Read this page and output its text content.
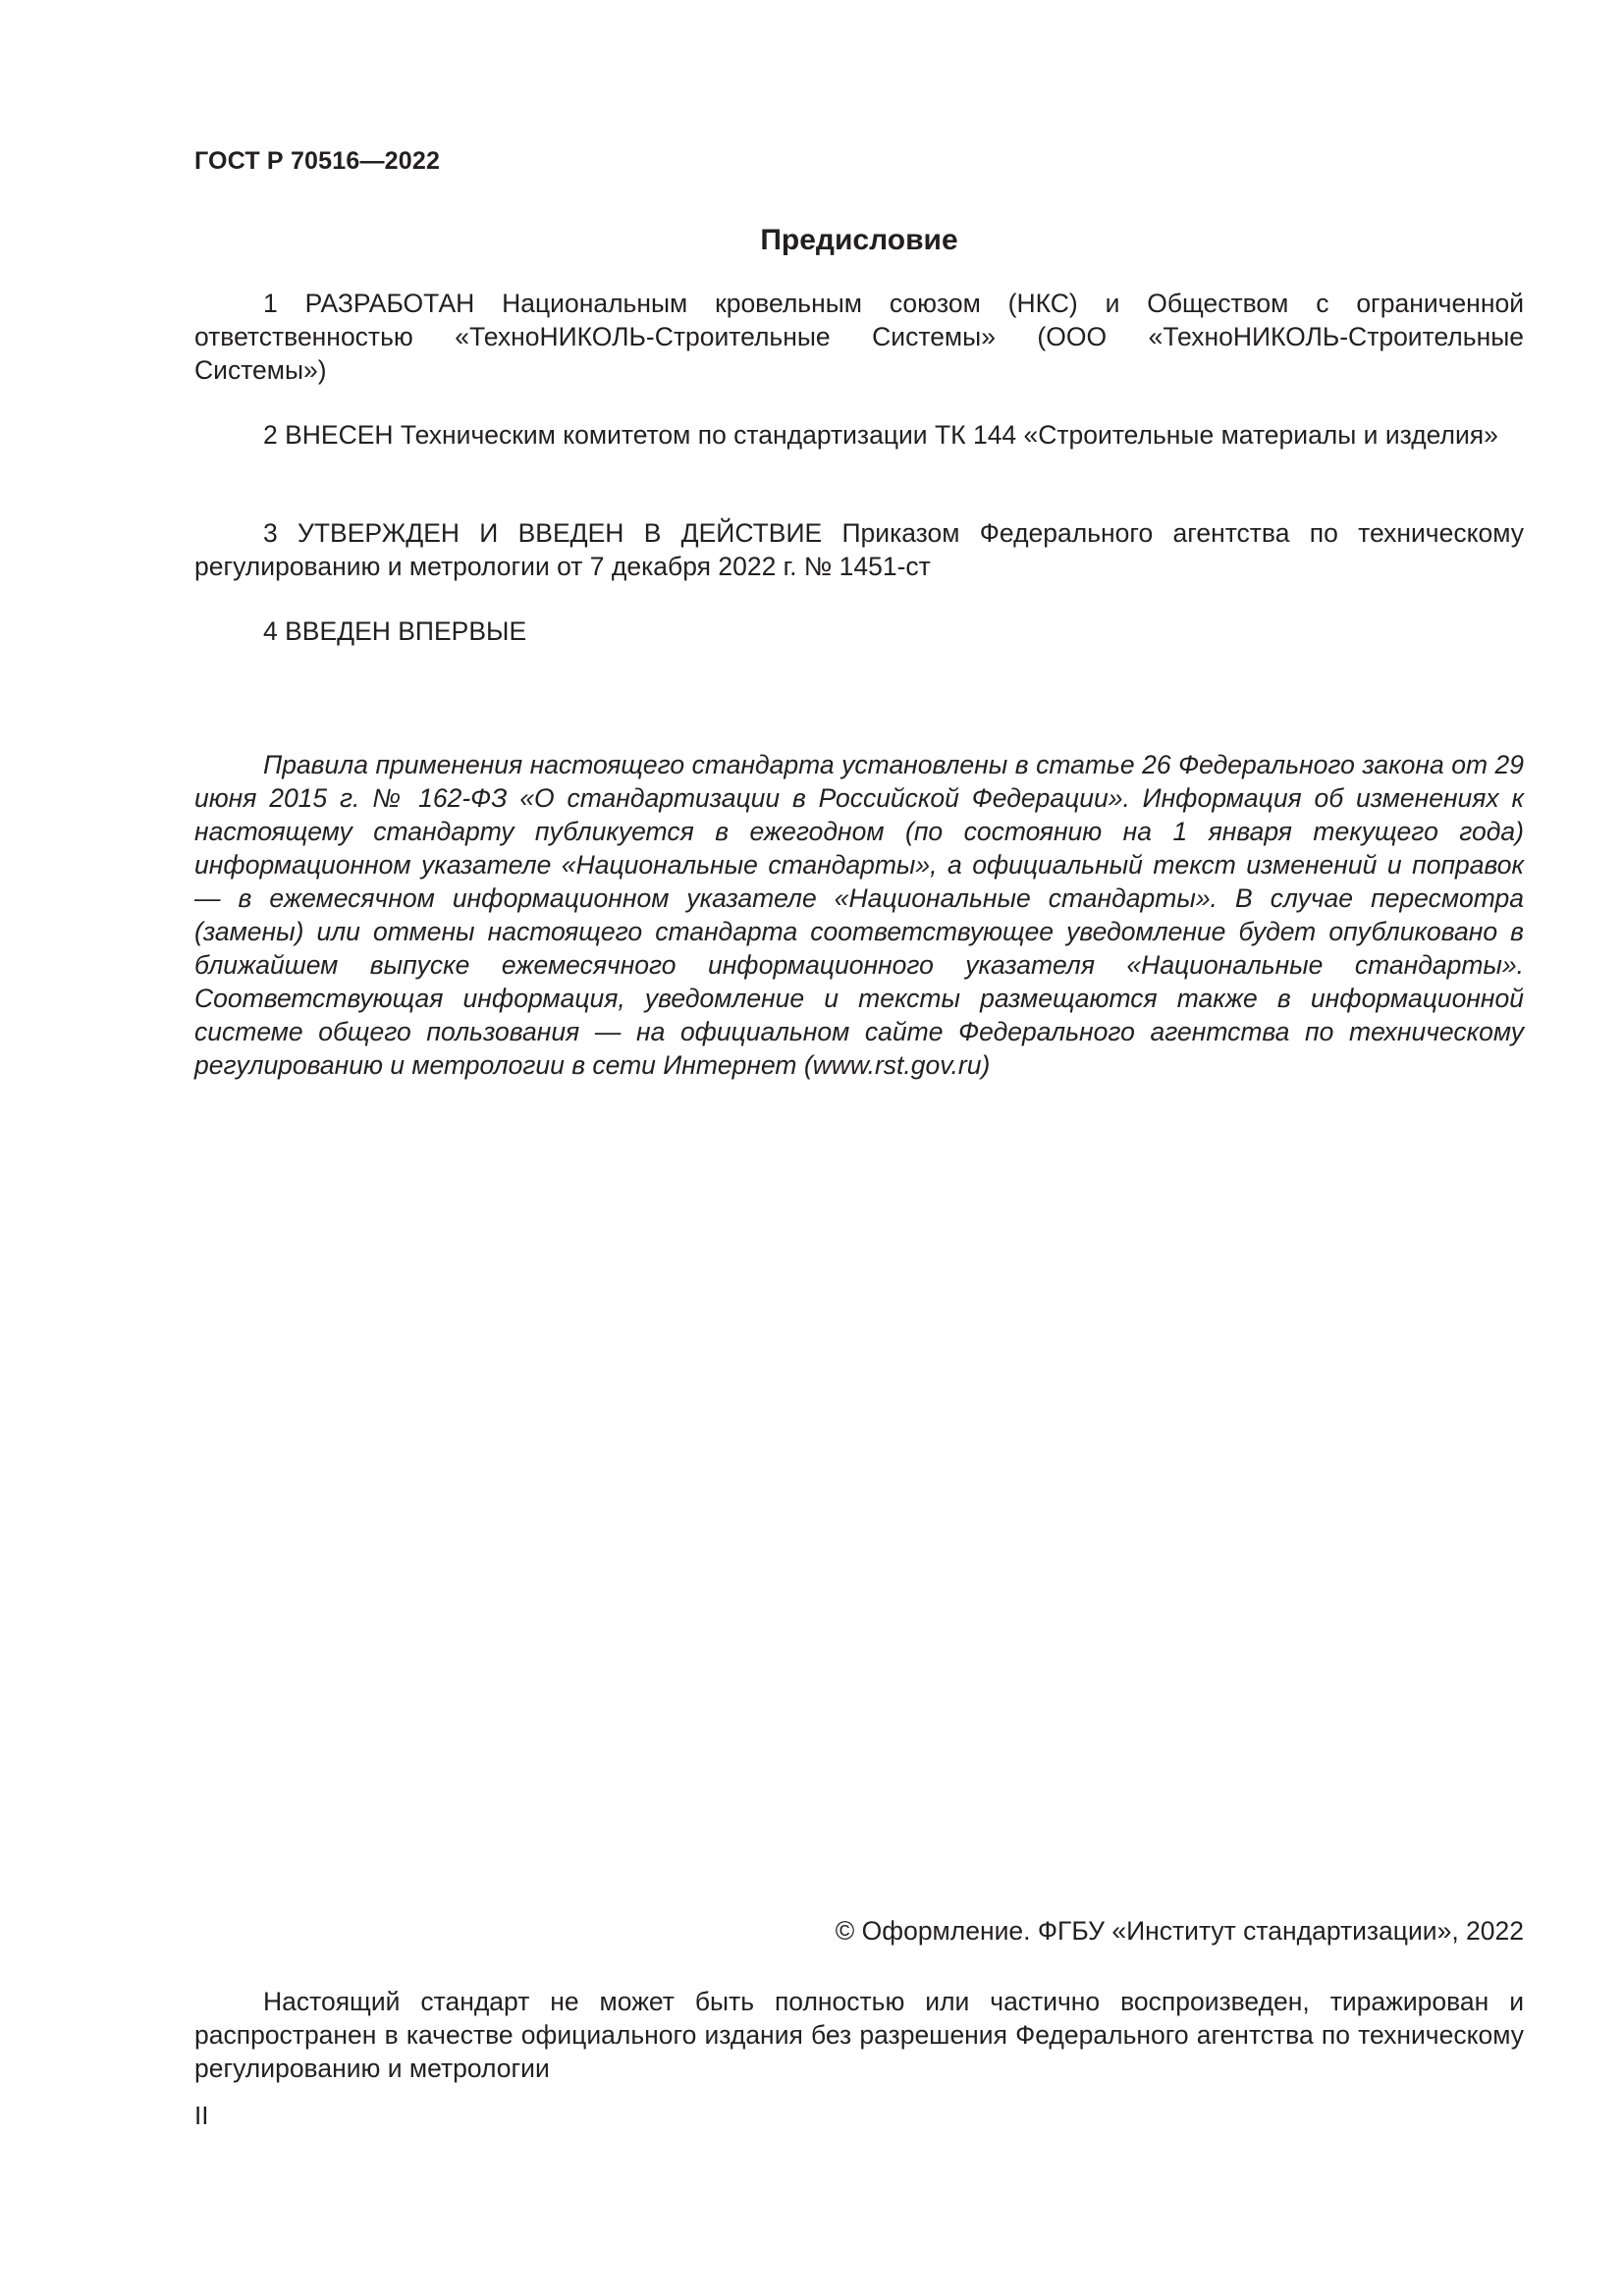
ГОСТ Р 70516—2022
Предисловие

1 РАЗРАБОТАН Национальным кровельным союзом (НКС) и Обществом с ограниченной ответственностью «ТехноНИКОЛЬ-Строительные Системы» (ООО «ТехноНИКОЛЬ-Строительные Системы»)

2 ВНЕСЕН Техническим комитетом по стандартизации ТК 144 «Строительные материалы и изделия»

3 УТВЕРЖДЕН И ВВЕДЕН В ДЕЙСТВИЕ Приказом Федерального агентства по техническому регулированию и метрологии от 7 декабря 2022 г. № 1451-ст

4 ВВЕДЕН ВПЕРВЫЕ

Правила применения настоящего стандарта установлены в статье 26 Федерального закона от 29 июня 2015 г. № 162-ФЗ «О стандартизации в Российской Федерации». Информация об изменениях к настоящему стандарту публикуется в ежегодном (по состоянию на 1 января текущего года) информационном указателе «Национальные стандарты», а официальный текст изменений и поправок — в ежемесячном информационном указателе «Национальные стандарты». В случае пересмотра (замены) или отмены настоящего стандарта соответствующее уведомление будет опубликовано в ближайшем выпуске ежемесячного информационного указателя «Национальные стандарты». Соответствующая информация, уведомление и тексты размещаются также в информационной системе общего пользования — на официальном сайте Федерального агентства по техническому регулированию и метрологии в сети Интернет (www.rst.gov.ru)

© Оформление. ФГБУ «Институт стандартизации», 2022

Настоящий стандарт не может быть полностью или частично воспроизведен, тиражирован и распространен в качестве официального издания без разрешения Федерального агентства по техническому регулированию и метрологии

II
